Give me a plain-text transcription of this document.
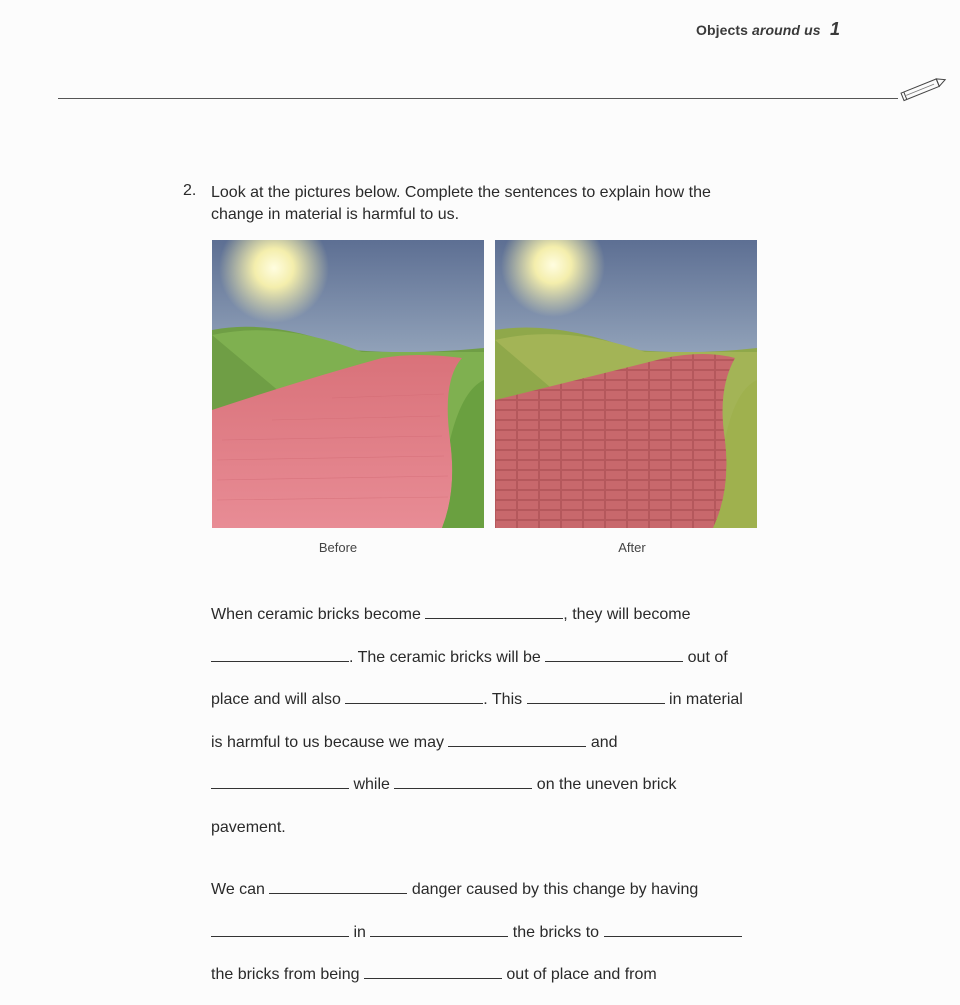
Objects around us 1
2. Look at the pictures below. Complete the sentences to explain how the change in material is harmful to us.
Before	After
When ceramic bricks become	, they will become
. The ceramic bricks will be	out of
place and will also	. This	in material
is harmful to us because we may	and
while	on the uneven brick
pavement.
We can	danger caused by this change by having
in	the bricks to
the bricks from being	out of place and from
